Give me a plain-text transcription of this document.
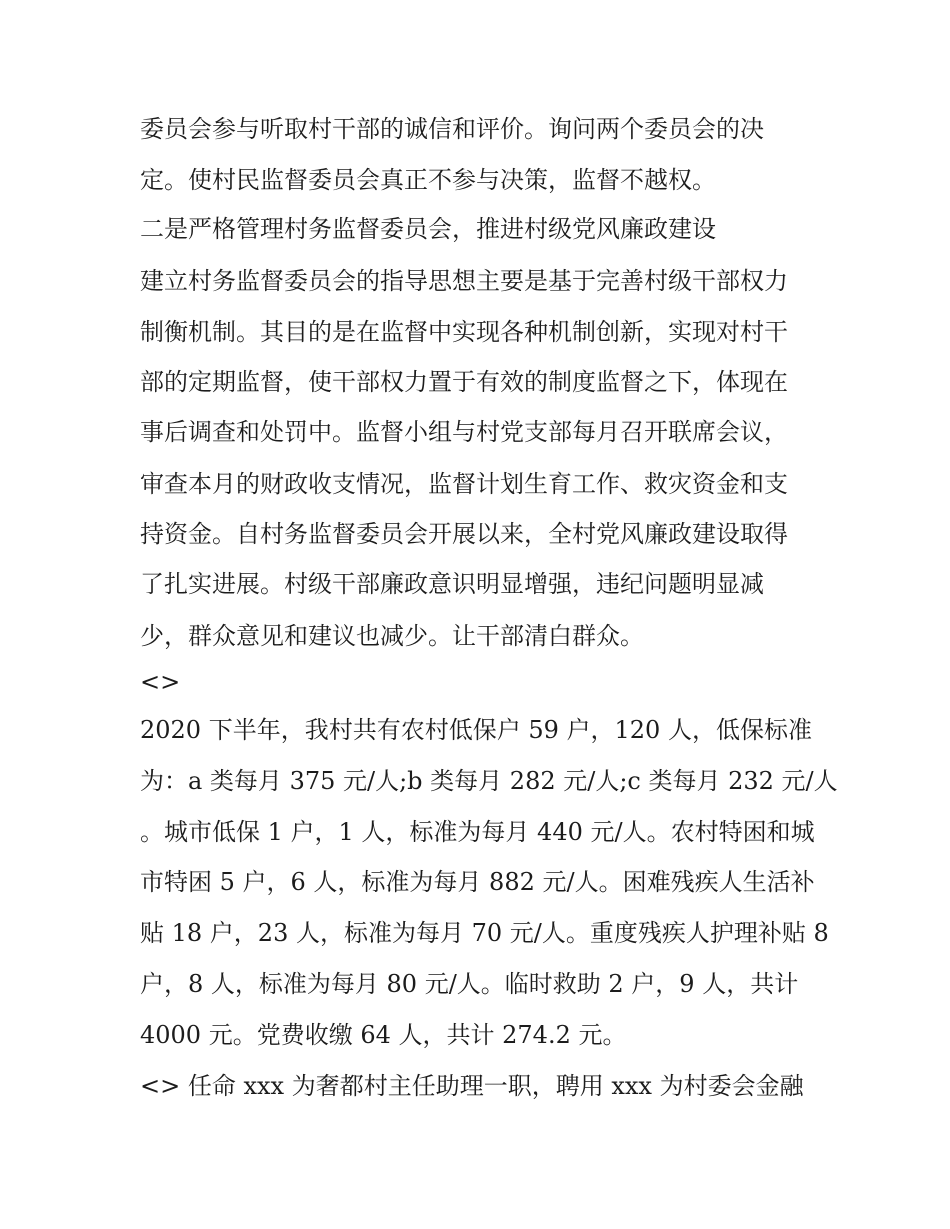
委员会参与听取村干部的诚信和评价。询问两个委员会的决
定。使村民监督委员会真正不参与决策，监督不越权。
二是严格管理村务监督委员会，推进村级党风廉政建设
建立村务监督委员会的指导思想主要是基于完善村级干部权力
制衡机制。其目的是在监督中实现各种机制创新，实现对村干
部的定期监督，使干部权力置于有效的制度监督之下，体现在
事后调查和处罚中。监督小组与村党支部每月召开联席会议，
审查本月的财政收支情况，监督计划生育工作、救灾资金和支
持资金。自村务监督委员会开展以来，全村党风廉政建设取得
了扎实进展。村级干部廉政意识明显增强，违纪问题明显减
少，群众意见和建议也减少。让干部清白群众。
<>
2020 下半年，我村共有农村低保户 59 户，120 人，低保标准
为：a 类每月 375 元/人;b 类每月 282 元/人;c 类每月 232 元/人
。城市低保 1 户，1 人，标准为每月 440 元/人。农村特困和城
市特困 5 户，6 人，标准为每月 882 元/人。困难残疾人生活补
贴 18 户，23 人，标准为每月 70 元/人。重度残疾人护理补贴 8
户，8 人，标准为每月 80 元/人。临时救助 2 户，9 人，共计
4000 元。党费收缴 64 人，共计 274.2 元。
<> 任命 xxx 为奢都村主任助理一职，聘用 xxx 为村委会金融
